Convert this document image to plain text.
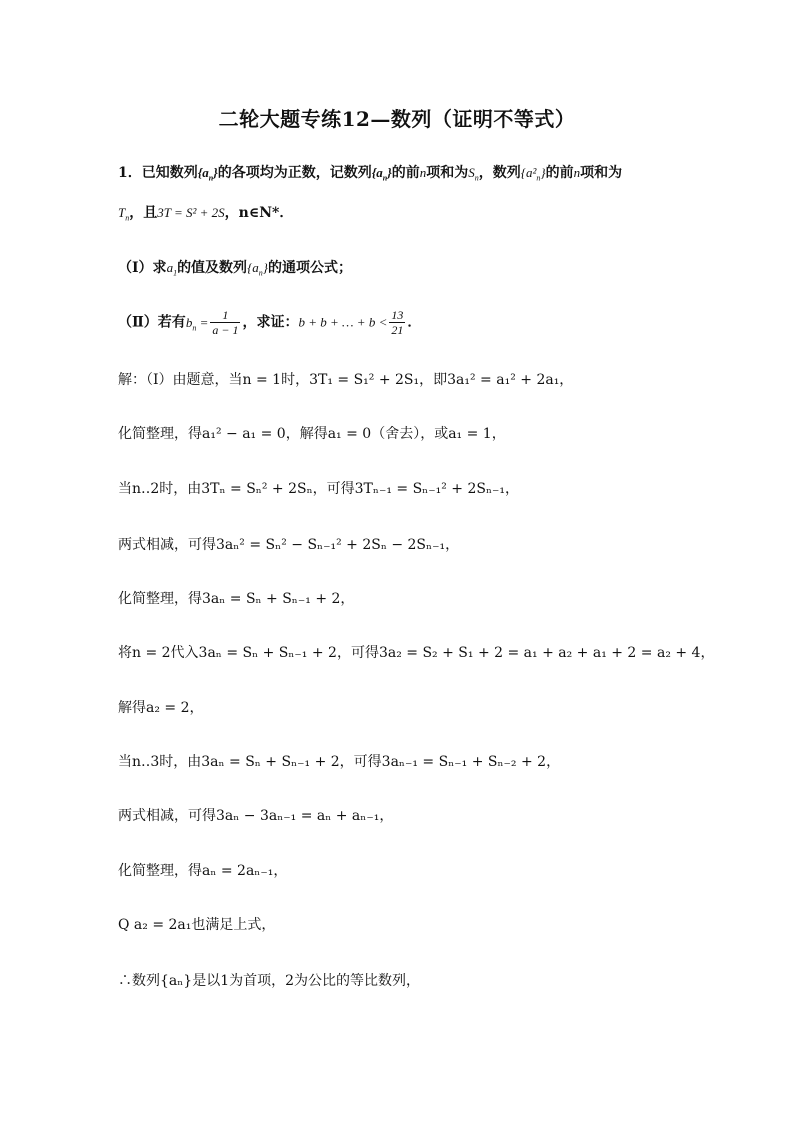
二轮大题专练12—数列（证明不等式）
1．已知数列$\{a_n\}$的各项均为正数，记数列$\{a_n\}$的前n项和为$S_n$，数列$\{a^2_n\}$的前n项和为
$T_n$，且3T = S² + 2S，n∈N*．
（Ⅰ）求$a_1$的值及数列$\{a_n\}$的通项公式；
（Ⅱ）若有$b_n = \frac{1}{a - 1}$ ，求证：b + b + … + $b < \frac{13}{21}$ ．
解：（Ⅰ）由题意，当n = 1时，3T₁ = S₁² + 2S₁，即3a₁² = a₁² + 2a₁，
化简整理，得a₁² − a₁ = 0，解得a₁ = 0（舍去），或a₁ = 1，
当n‥2时，由3Tₙ = Sₙ² + 2Sₙ，可得3Tₙ₋₁ = Sₙ₋₁² + 2Sₙ₋₁，
两式相减，可得3aₙ² = Sₙ² − Sₙ₋₁² + 2Sₙ − 2Sₙ₋₁，
化简整理，得3aₙ = Sₙ + Sₙ₋₁ + 2，
将n = 2代入3aₙ = Sₙ + Sₙ₋₁ + 2，可得3a₂ = S₂ + S₁ + 2 = a₁ + a₂ + a₁ + 2 = a₂ + 4，
解得a₂ = 2，
当n‥3时，由3aₙ = Sₙ + Sₙ₋₁ + 2，可得3aₙ₋₁ = Sₙ₋₁ + Sₙ₋₂ + 2，
两式相减，可得3aₙ − 3aₙ₋₁ = aₙ + aₙ₋₁，
化简整理，得aₙ = 2aₙ₋₁，
Q a₂ = 2a₁也满足上式，
∴数列{aₙ}是以1为首项，2为公比的等比数列，
